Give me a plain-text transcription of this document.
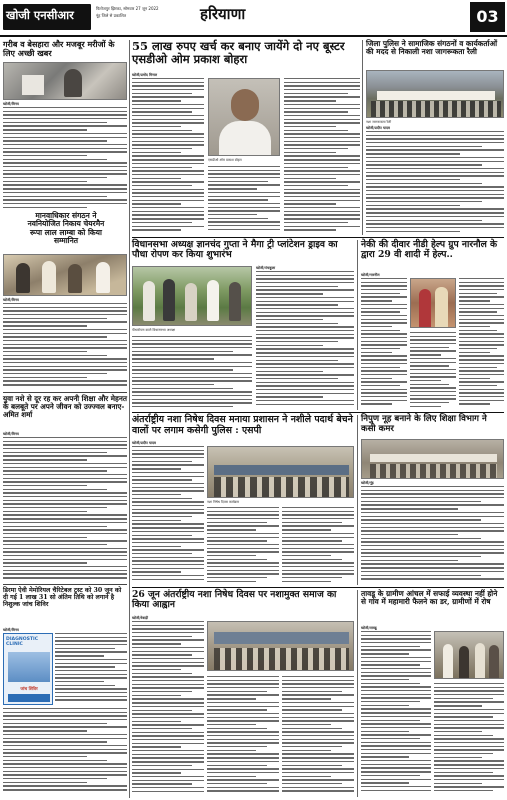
खोजी एनसीआर	फिरोजपुर झिरका, सोमवार 27 जून 2022
नूंह जिले से प्रकाशित	हरियाणा	03
गरीब व बेसहारा और मजबूर मरीजों के लिए अच्छी खबर
खोजी/विनय
मानवाधिकार संगठन ने नवनियोजित निकाय चेयरमैन रूपा लाल लाम्बा को किया सम्मानित
खोजी/विनय
युवा नशे से दूर रह कर अपनी शिक्षा और मेहनत के बलबूते पर अपने जीवन को उज्ज्वल बनाए-अमित शर्मा
खोजी/विनय
डिरमा ऐवी मेमोरियल चैरिटेबल ट्रस्ट को 30 जून को दी गई 1 लाख 31 सो अंतिम तिथि को लगाने है निशुल्क जांच शिविर
खोजी/विनय
DIAGNOSTIC CLINIC
जांच शिविर
55 लाख रुपए खर्च कर बनाए जायेंगे दो नए बूस्टर एसडीओ ओम प्रकाश बोहरा
खोजी/प्रमोद मित्तल
एसडीओ ओम प्रकाश बोहरा
जिला पुलिस ने सामाजिक संगठनों व कार्यकर्ताओं की मदद से निकाली नशा जागरूकता रैली
नशा जागरूकता रैली
खोजी/प्रदीप यादव
विधानसभा अध्यक्ष ज्ञानचंद गुप्ता ने मैगा ट्री प्लांटेशन ड्राइव का पौधा रोपण कर किया शुभारंभ
पौधारोपण करते विधानसभा अध्यक्ष
खोजी/पंचकूला
नेकी की दीवार नीडी हेल्प ग्रुप नारनौल के द्वारा 29 वी शादी में हेल्प..
खोजी/नारनौल
अंतर्राष्ट्रीय नशा निषेध दिवस मनाया प्रशासन ने नशीले पदार्थ बेचने वालों पर लगाम कसेगी पुलिस : एसपी
खोजी/प्रदीप यादव
नशा निषेध दिवस कार्यक्रम
निपुण नूह बनाने के लिए शिक्षा विभाग ने कसी कमर
खोजी/नूंह
26 जून अंतर्राष्ट्रीय नशा निषेध दिवस पर नशामुक्त समाज का किया आह्वान
खोजी/रेवाड़ी
तावडू के ग्रामीण आंचल में सफाई व्यवस्था नहीं होने से गांव में महामारी फैलने का डर, ग्रामीणों में रोष
खोजी/तावडू
